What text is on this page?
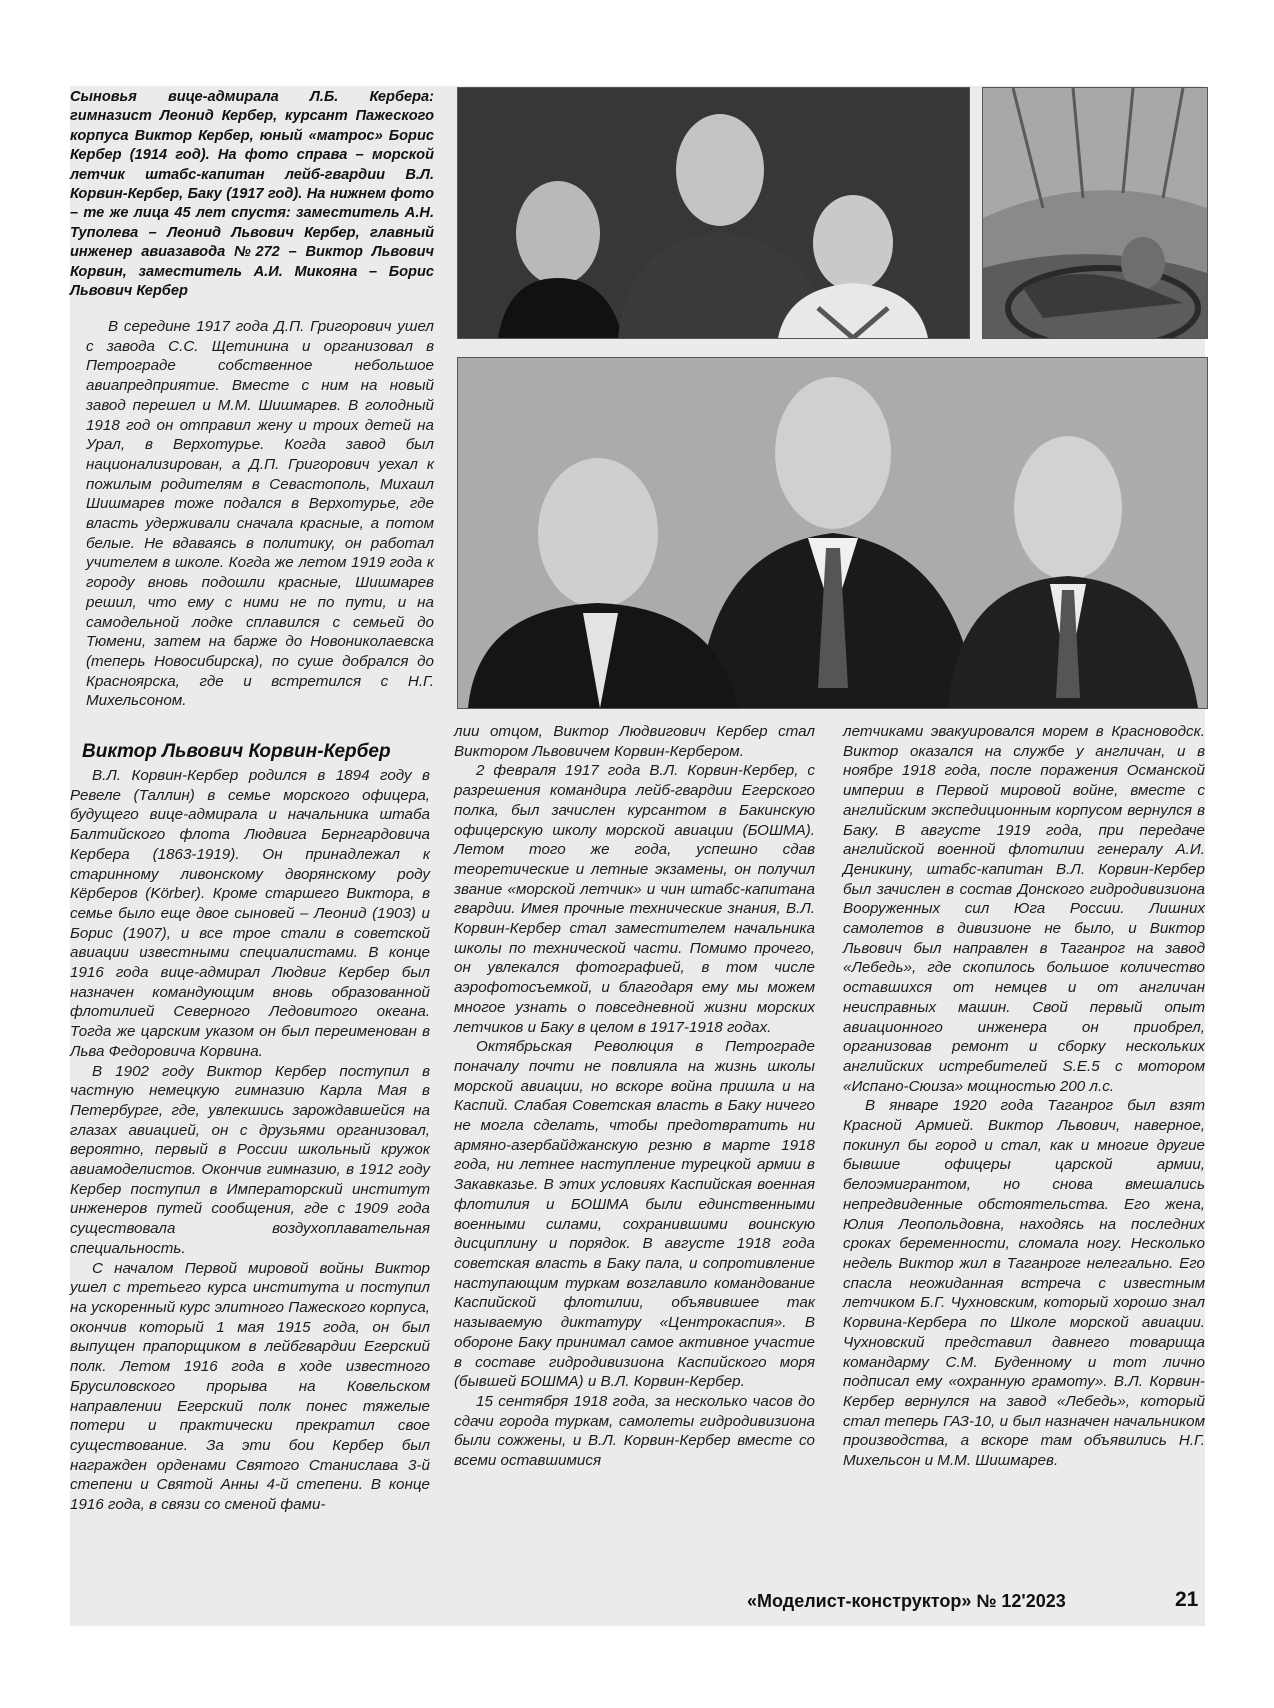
Сыновья вице-адмирала Л.Б. Кербера: гимназист Леонид Кербер, курсант Пажеского корпуса Виктор Кербер, юный «матрос» Борис Кербер (1914 год). На фото справа – морской летчик штабс-капитан лейб-гвардии В.Л. Корвин-Кербер, Баку (1917 год). На нижнем фото – те же лица 45 лет спустя: заместитель А.Н. Туполева – Леонид Львович Кербер, главный инженер авиазавода №272 – Виктор Львович Корвин, заместитель А.И. Микояна – Борис Львович Кербер

В середине 1917 года Д.П. Григорович ушел с завода С.С. Щетинина и организовал в Петрограде собственное небольшое авиапредприятие. Вместе с ним на новый завод перешел и М.М. Шишмарев. В голодный 1918 год он отправил жену и троих детей на Урал, в Верхотурье. Когда завод был национализирован, а Д.П. Григорович уехал к пожилым родителям в Севастополь, Михаил Шишмарев тоже подался в Верхотурье, где власть удерживали сначала красные, а потом белые. Не вдаваясь в политику, он работал учителем в школе. Когда же летом 1919 года к городу вновь подошли красные, Шишмарев решил, что ему с ними не по пути, и на самодельной лодке сплавился с семьей до Тюмени, затем на барже до Новониколаевска (теперь Новосибирска), по суше добрался до Красноярска, где и встретился с Н.Г. Михельсоном.

Виктор Львович Корвин-Кербер

В.Л. Корвин-Кербер родился в 1894 году в Ревеле (Таллин) в семье морского офицера, будущего вице-адмирала и начальника штаба Балтийского флота Людвига Бернгардовича Кербера (1863-1919). Он принадлежал к старинному ливонскому дворянскому роду Кёрберов (Körber). Кроме старшего Виктора, в семье было еще двое сыновей – Леонид (1903) и Борис (1907), и все трое стали в советской авиации известными специалистами. В конце 1916 года вице-адмирал Людвиг Кербер был назначен командующим вновь образованной флотилией Северного Ледовитого океана. Тогда же царским указом он был переименован в Льва Федоровича Корвина.

В 1902 году Виктор Кербер поступил в частную немецкую гимназию Карла Мая в Петербурге, где, увлекшись зарождавшейся на глазах авиацией, он с друзьями организовал, вероятно, первый в России школьный кружок авиамоделистов. Окончив гимназию, в 1912 году Кербер поступил в Императорский институт инженеров путей сообщения, где с 1909 года существовала воздухоплавательная специальность.

С началом Первой мировой войны Виктор ушел с третьего курса института и поступил на ускоренный курс элитного Пажеского корпуса, окончив который 1 мая 1915 года, он был выпущен прапорщиком в лейбгвардии Егерский полк. Летом 1916 года в ходе известного Брусиловского прорыва на Ковельском направлении Егерский полк понес тяжелые потери и практически прекратил свое существование. За эти бои Кербер был награжден орденами Святого Станислава 3-й степени и Святой Анны 4-й степени. В конце 1916 года, в связи со сменой фами-

лии отцом, Виктор Людвигович Кербер стал Виктором Львовичем Корвин-Кербером.

2 февраля 1917 года В.Л. Корвин-Кербер, с разрешения командира лейб-гвардии Егерского полка, был зачислен курсантом в Бакинскую офицерскую школу морской авиации (БОШМА). Летом того же года, успешно сдав теоретические и летные экзамены, он получил звание «морской летчик» и чин штабс-капитана гвардии. Имея прочные технические знания, В.Л. Корвин-Кербер стал заместителем начальника школы по технической части. Помимо прочего, он увлекался фотографией, в том числе аэрофотосъемкой, и благодаря ему мы можем многое узнать о повседневной жизни морских летчиков и Баку в целом в 1917-1918 годах.

Октябрьская Революция в Петрограде поначалу почти не повлияла на жизнь школы морской авиации, но вскоре война пришла и на Каспий. Слабая Советская власть в Баку ничего не могла сделать, чтобы предотвратить ни армяно-азербайджанскую резню в марте 1918 года, ни летнее наступление турецкой армии в Закавказье. В этих условиях Каспийская военная флотилия и БОШМА были единственными военными силами, сохранившими воинскую дисциплину и порядок. В августе 1918 года советская власть в Баку пала, и сопротивление наступающим туркам возглавило командование Каспийской флотилии, объявившее так называемую диктатуру «Центрокаспия». В обороне Баку принимал самое активное участие в составе гидродивизиона Каспийского моря (бывшей БОШМА) и В.Л. Корвин-Кербер.

15 сентября 1918 года, за несколько часов до сдачи города туркам, самолеты гидродивизиона были сожжены, и В.Л. Корвин-Кербер вместе со всеми оставшимися

летчиками эвакуировался морем в Красноводск. Виктор оказался на службе у англичан, и в ноябре 1918 года, после поражения Османской империи в Первой мировой войне, вместе с английским экспедиционным корпусом вернулся в Баку. В августе 1919 года, при передаче английской военной флотилии генералу А.И. Деникину, штабс-капитан В.Л. Корвин-Кербер был зачислен в состав Донского гидродивизиона Вооруженных сил Юга России. Лишних самолетов в дивизионе не было, и Виктор Львович был направлен в Таганрог на завод «Лебедь», где скопилось большое количество оставшихся от немцев и от англичан неисправных машин. Свой первый опыт авиационного инженера он приобрел, организовав ремонт и сборку нескольких английских истребителей S.E.5 с мотором «Испано-Сюиза» мощностью 200 л.с.

В январе 1920 года Таганрог был взят Красной Армией. Виктор Львович, наверное, покинул бы город и стал, как и многие другие бывшие офицеры царской армии, белоэмигрантом, но снова вмешались непредвиденные обстоятельства. Его жена, Юлия Леопольдовна, находясь на последних сроках беременности, сломала ногу. Несколько недель Виктор жил в Таганроге нелегально. Его спасла неожиданная встреча с известным летчиком Б.Г. Чухновским, который хорошо знал Корвина-Кербера по Школе морской авиации. Чухновский представил давнего товарища командарму С.М. Буденному и тот лично подписал ему «охранную грамоту». В.Л. Корвин-Кербер вернулся на завод «Лебедь», который стал теперь ГАЗ-10, и был назначен начальником производства, а вскоре там объявились Н.Г. Михельсон и М.М. Шишмарев.

«Моделист-конструктор» № 12'2023	21
